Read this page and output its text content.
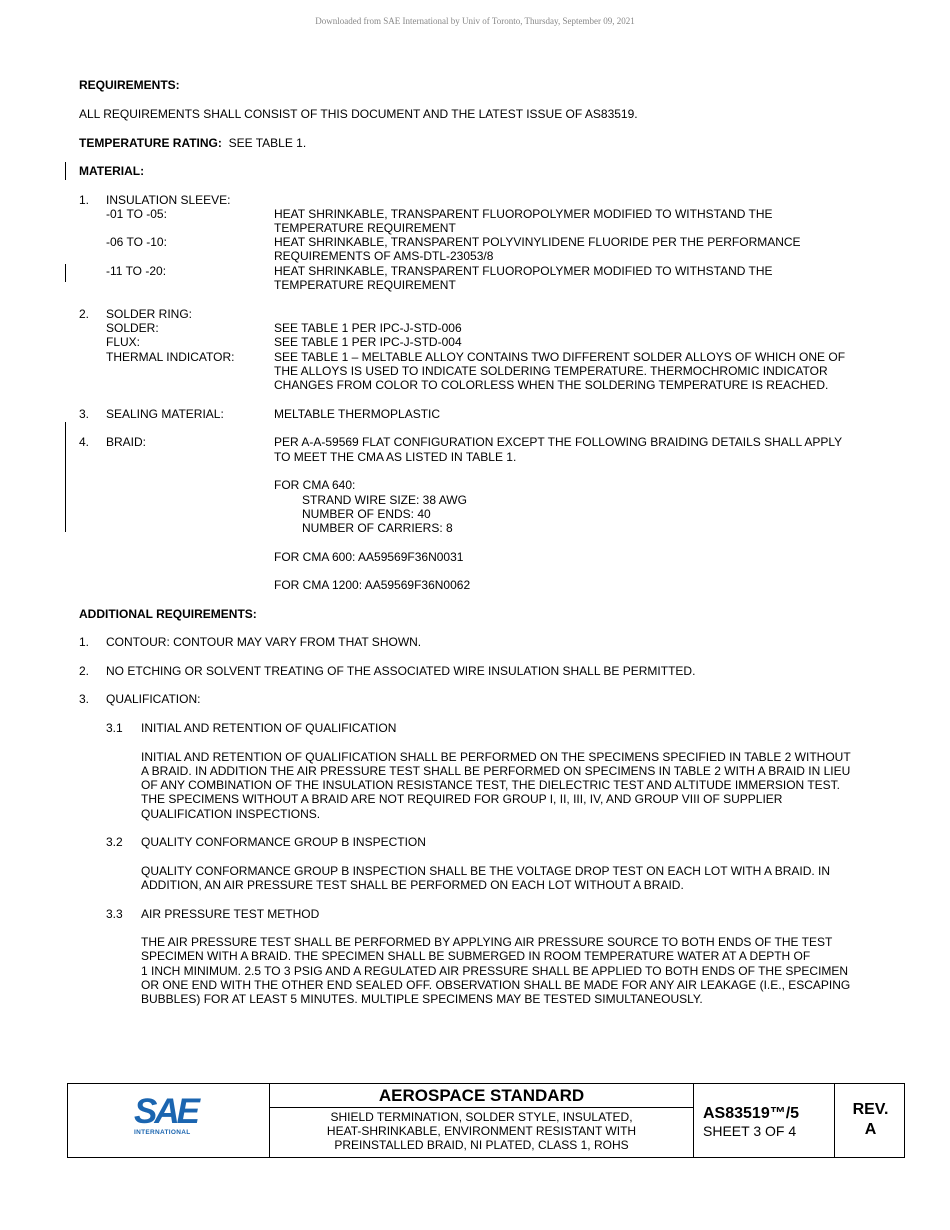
Downloaded from SAE International by Univ of Toronto, Thursday, September 09, 2021
REQUIREMENTS:
ALL REQUIREMENTS SHALL CONSIST OF THIS DOCUMENT AND THE LATEST ISSUE OF AS83519.
TEMPERATURE RATING: SEE TABLE 1.
MATERIAL:
1. INSULATION SLEEVE:
-01 TO -05:	HEAT SHRINKABLE, TRANSPARENT FLUOROPOLYMER MODIFIED TO WITHSTAND THE
TEMPERATURE REQUIREMENT
-06 TO -10:	HEAT SHRINKABLE, TRANSPARENT POLYVINYLIDENE FLUORIDE PER THE PERFORMANCE
REQUIREMENTS OF AMS-DTL-23053/8
-11 TO -20:	HEAT SHRINKABLE, TRANSPARENT FLUOROPOLYMER MODIFIED TO WITHSTAND THE
TEMPERATURE REQUIREMENT
2. SOLDER RING:
SOLDER:	SEE TABLE 1 PER IPC-J-STD-006
FLUX:	SEE TABLE 1 PER IPC-J-STD-004
THERMAL INDICATOR:	SEE TABLE 1 – MELTABLE ALLOY CONTAINS TWO DIFFERENT SOLDER ALLOYS OF WHICH ONE OF
THE ALLOYS IS USED TO INDICATE SOLDERING TEMPERATURE. THERMOCHROMIC INDICATOR
CHANGES FROM COLOR TO COLORLESS WHEN THE SOLDERING TEMPERATURE IS REACHED.
3. SEALING MATERIAL:	MELTABLE THERMOPLASTIC
4. BRAID:	PER A-A-59569 FLAT CONFIGURATION EXCEPT THE FOLLOWING BRAIDING DETAILS SHALL APPLY
TO MEET THE CMA AS LISTED IN TABLE 1.
FOR CMA 640:
STRAND WIRE SIZE: 38 AWG
NUMBER OF ENDS: 40
NUMBER OF CARRIERS: 8
FOR CMA 600: AA59569F36N0031
FOR CMA 1200: AA59569F36N0062
ADDITIONAL REQUIREMENTS:
1. CONTOUR: CONTOUR MAY VARY FROM THAT SHOWN.
2. NO ETCHING OR SOLVENT TREATING OF THE ASSOCIATED WIRE INSULATION SHALL BE PERMITTED.
3. QUALIFICATION:
3.1 INITIAL AND RETENTION OF QUALIFICATION
INITIAL AND RETENTION OF QUALIFICATION SHALL BE PERFORMED ON THE SPECIMENS SPECIFIED IN TABLE 2 WITHOUT
A BRAID. IN ADDITION THE AIR PRESSURE TEST SHALL BE PERFORMED ON SPECIMENS IN TABLE 2 WITH A BRAID IN LIEU
OF ANY COMBINATION OF THE INSULATION RESISTANCE TEST, THE DIELECTRIC TEST AND ALTITUDE IMMERSION TEST.
THE SPECIMENS WITHOUT A BRAID ARE NOT REQUIRED FOR GROUP I, II, III, IV, AND GROUP VIII OF SUPPLIER
QUALIFICATION INSPECTIONS.
3.2 QUALITY CONFORMANCE GROUP B INSPECTION
QUALITY CONFORMANCE GROUP B INSPECTION SHALL BE THE VOLTAGE DROP TEST ON EACH LOT WITH A BRAID. IN
ADDITION, AN AIR PRESSURE TEST SHALL BE PERFORMED ON EACH LOT WITHOUT A BRAID.
3.3 AIR PRESSURE TEST METHOD
THE AIR PRESSURE TEST SHALL BE PERFORMED BY APPLYING AIR PRESSURE SOURCE TO BOTH ENDS OF THE TEST
SPECIMEN WITH A BRAID. THE SPECIMEN SHALL BE SUBMERGED IN ROOM TEMPERATURE WATER AT A DEPTH OF
1 INCH MINIMUM. 2.5 TO 3 PSIG AND A REGULATED AIR PRESSURE SHALL BE APPLIED TO BOTH ENDS OF THE SPECIMEN
OR ONE END WITH THE OTHER END SEALED OFF. OBSERVATION SHALL BE MADE FOR ANY AIR LEAKAGE (I.E., ESCAPING
BUBBLES) FOR AT LEAST 5 MINUTES. MULTIPLE SPECIMENS MAY BE TESTED SIMULTANEOUSLY.
SAE
INTERNATIONAL
AEROSPACE STANDARD
SHIELD TERMINATION, SOLDER STYLE, INSULATED,
HEAT-SHRINKABLE, ENVIRONMENT RESISTANT WITH
PREINSTALLED BRAID, NI PLATED, CLASS 1, ROHS
AS83519™/5
SHEET 3 OF 4
REV.
A
